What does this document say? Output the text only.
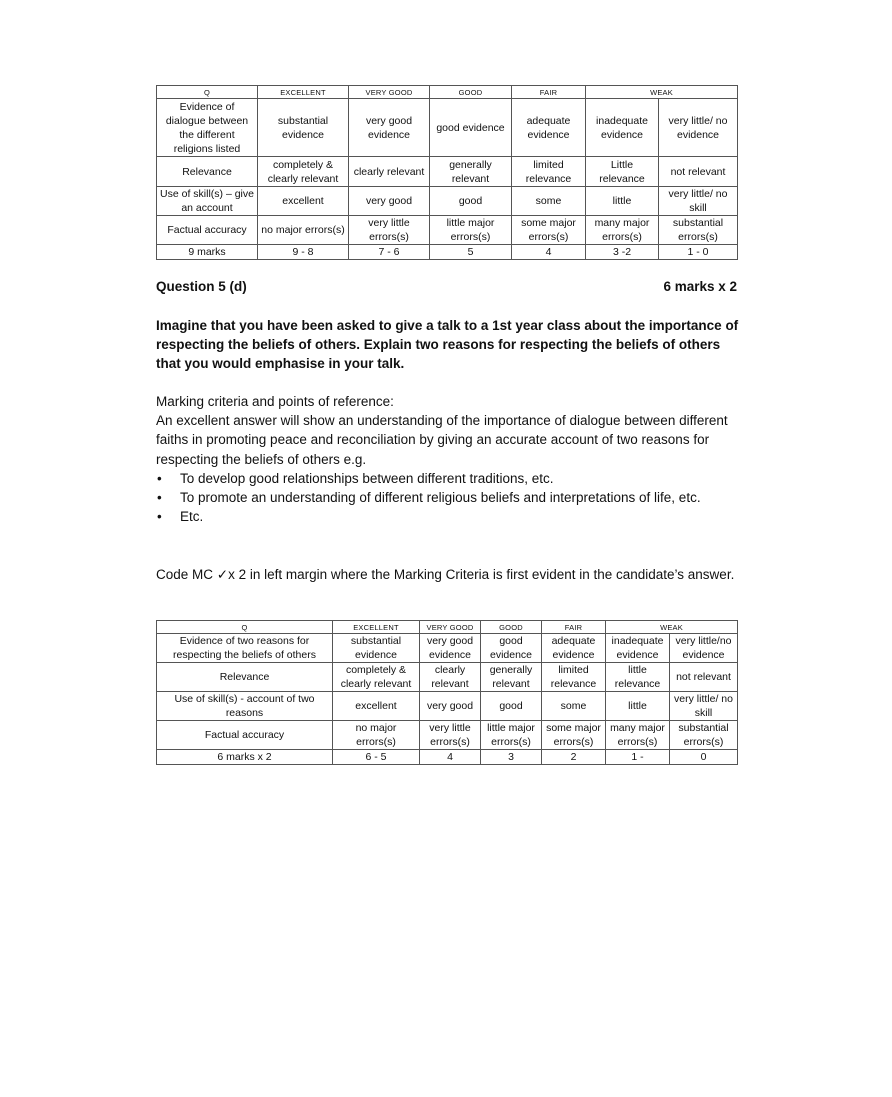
Q	EXCELLENT	VERY GOOD	GOOD	FAIR	WEAK	
Evidence of dialogue between the different religions listed	substantial evidence	very good evidence	good evidence	adequate evidence	inadequate evidence	very little/ no evidence
Relevance	completely & clearly relevant	clearly relevant	generally relevant	limited relevance	Little relevance	not relevant
Use of skill(s) – give an account	excellent	very good	good	some	little	very little/ no skill
Factual accuracy	no major errors(s)	very little errors(s)	little major errors(s)	some major errors(s)	many major errors(s)	substantial errors(s)
9 marks	9 - 8	7 - 6	5	4	3 -2	1 - 0
Question 5 (d)	6 marks x 2
Imagine that you have been asked to give a talk to a 1st year class about the importance of respecting the beliefs of others. Explain two reasons for respecting the beliefs of others that you would emphasise in your talk.

Marking criteria and points of reference:

An excellent answer will show an understanding of the importance of dialogue between different faiths in promoting peace and reconciliation by giving an accurate account of two reasons for respecting the beliefs of others e.g.

• To develop good relationships between different traditions, etc.
• To promote an understanding of different religious beliefs and interpretations of life, etc.
• Etc.
Code MC ✓x 2 in left margin where the Marking Criteria is first evident in the candidate’s answer.
Q	EXCELLENT	VERY GOOD	GOOD	FAIR	WEAK	
Evidence of two reasons for respecting the beliefs of others	substantial evidence	very good evidence	good evidence	adequate evidence	inadequate evidence	very little/no evidence
Relevance	completely & clearly relevant	clearly relevant	generally relevant	limited relevance	little relevance	not relevant
Use of skill(s) - account of two reasons	excellent	very good	good	some	little	very little/ no skill
Factual accuracy	no major errors(s)	very little errors(s)	little major errors(s)	some major errors(s)	many major errors(s)	substantial errors(s)
6 marks x 2	6 - 5	4	3	2	1 -	0
